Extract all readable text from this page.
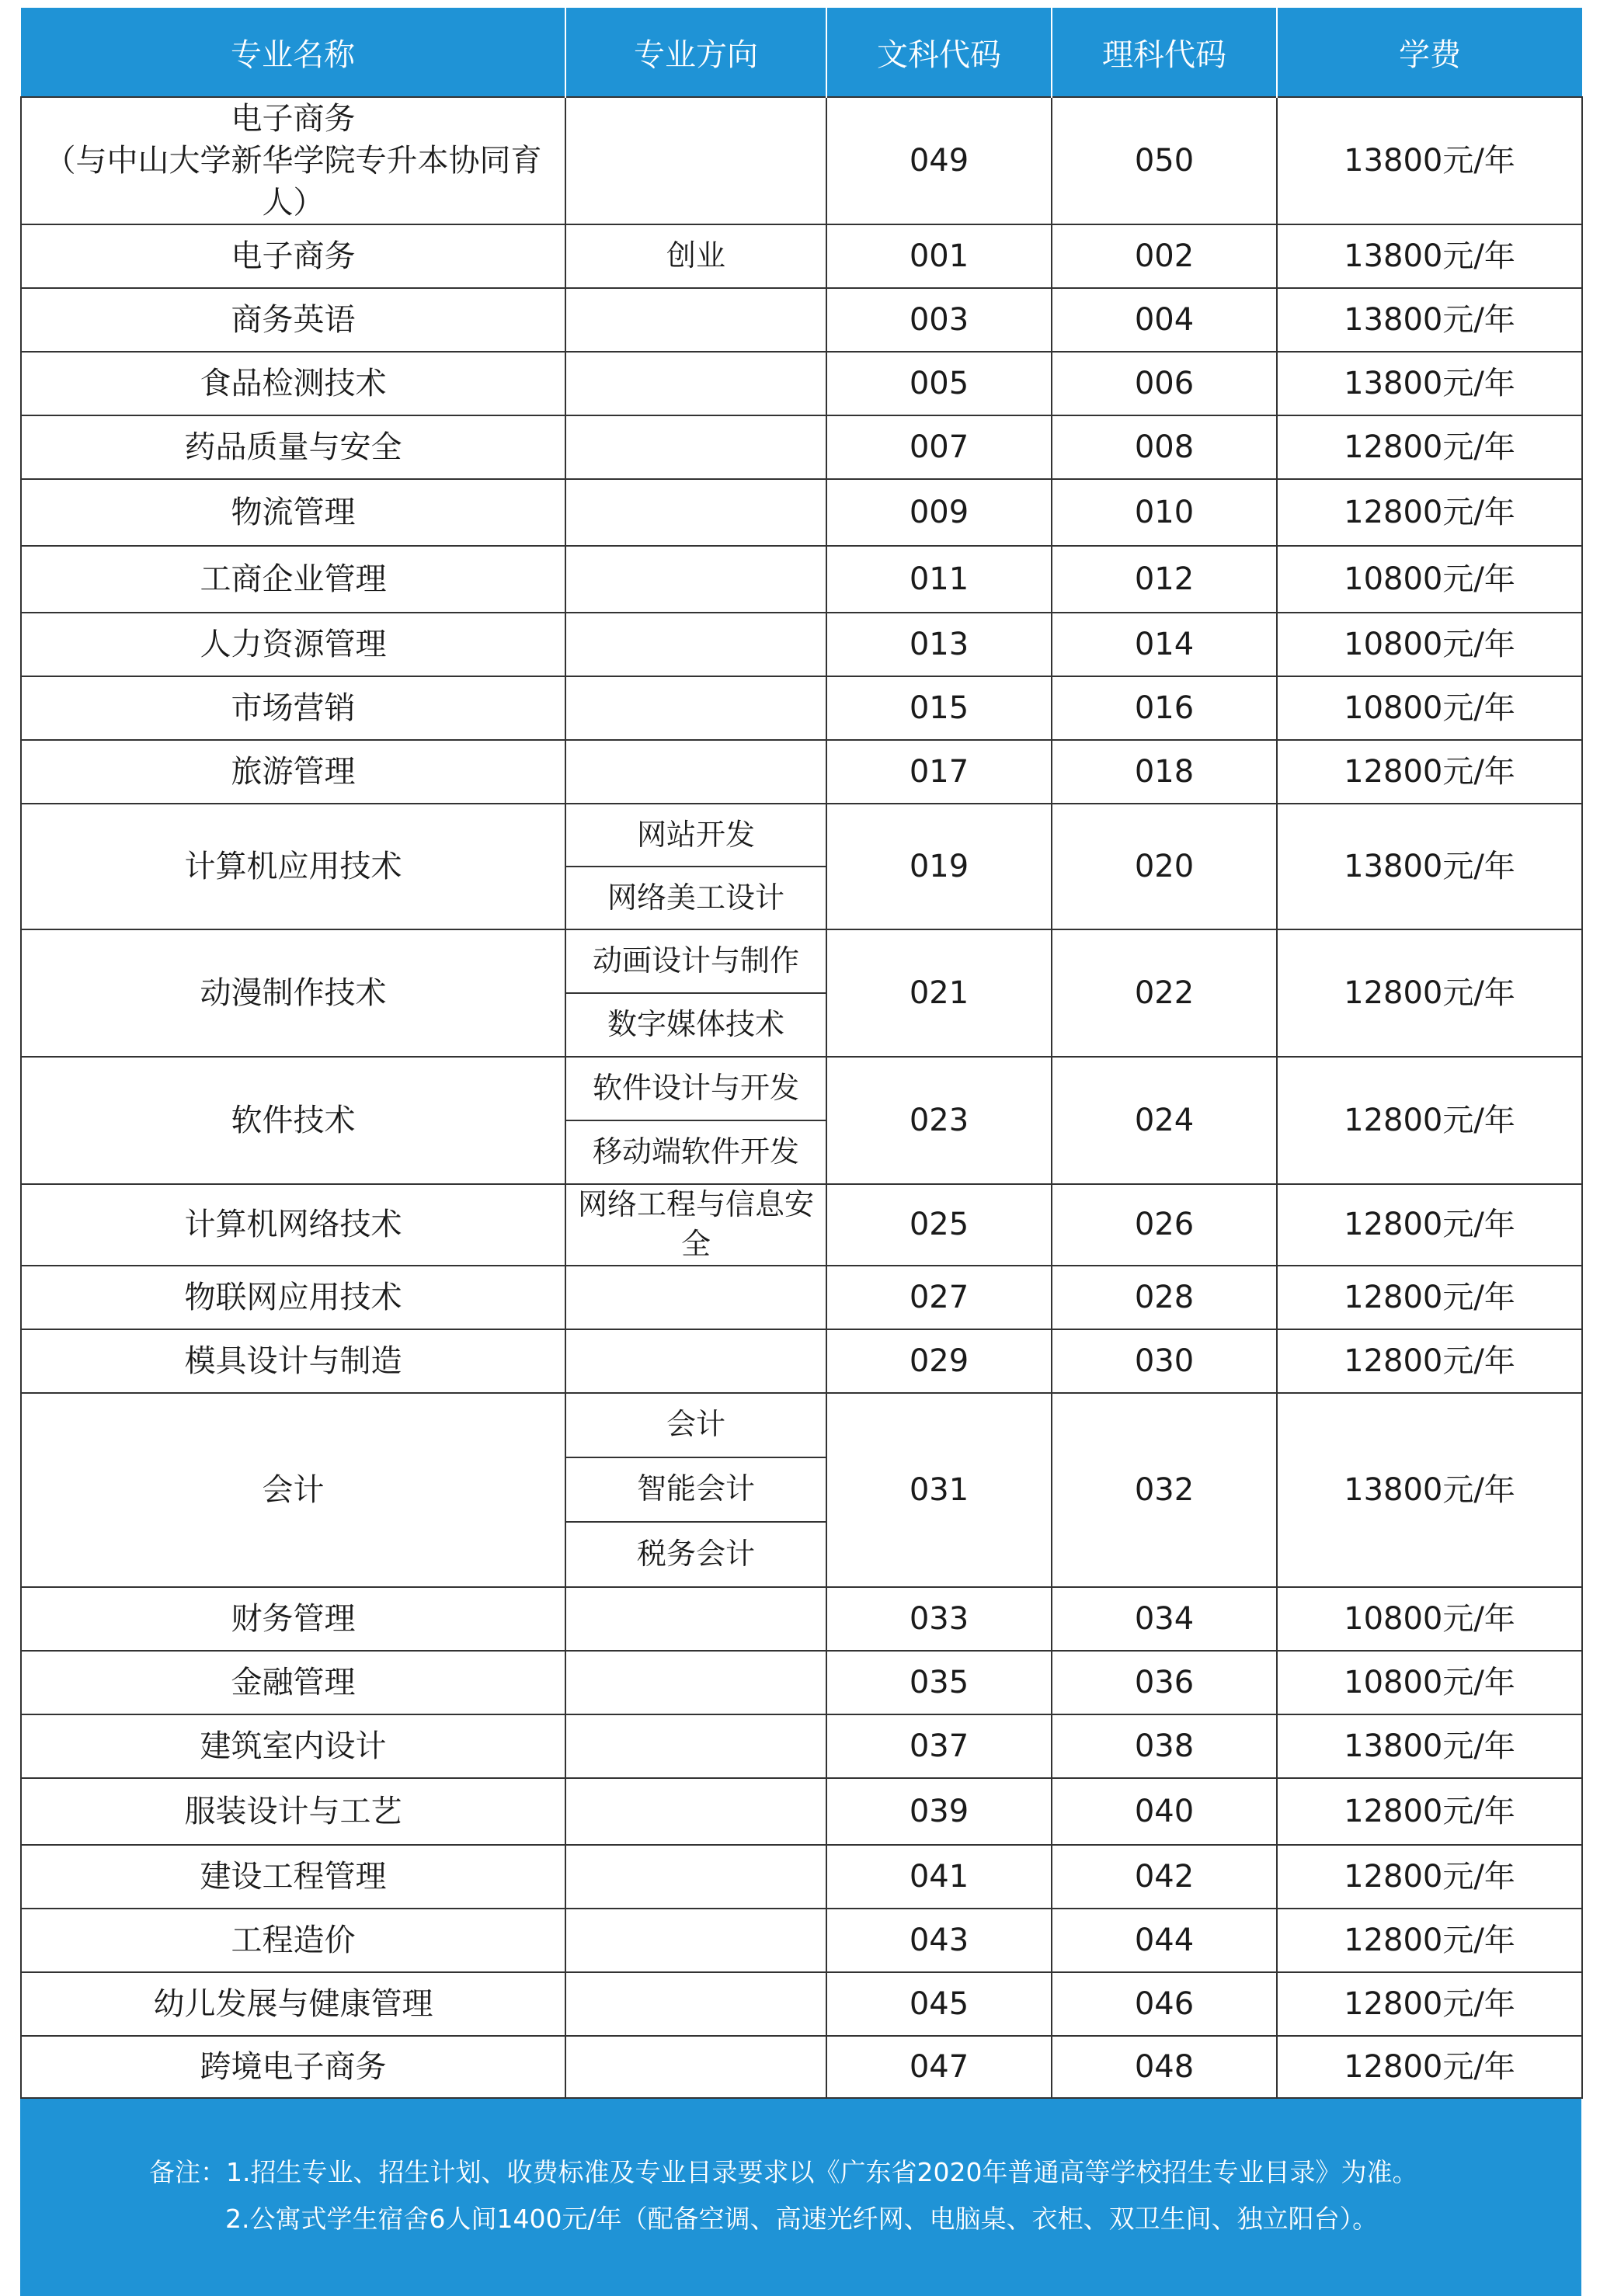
专业名称	专业方向	文科代码	理科代码	学费

电子商务
（与中山大学新华学院专升本协同育人）		049	050	13800元/年

电子商务	创业	001	002	13800元/年

商务英语		003	004	13800元/年

食品检测技术		005	006	13800元/年

药品质量与安全		007	008	12800元/年

物流管理		009	010	12800元/年

工商企业管理		011	012	10800元/年

人力资源管理		013	014	10800元/年

市场营销		015	016	10800元/年

旅游管理		017	018	12800元/年

计算机应用技术	网站开发	019	020	13800元/年
	网络美工设计			

动漫制作技术	动画设计与制作	021	022	12800元/年
	数字媒体技术			

软件技术	软件设计与开发	023	024	12800元/年
	移动端软件开发			

计算机网络技术	网络工程与信息安全	025	026	12800元/年

物联网应用技术		027	028	12800元/年

模具设计与制造		029	030	12800元/年

会计	会计	031	032	13800元/年
	智能会计			
	税务会计			

财务管理		033	034	10800元/年

金融管理		035	036	10800元/年

建筑室内设计		037	038	13800元/年

服装设计与工艺		039	040	12800元/年

建设工程管理		041	042	12800元/年

工程造价		043	044	12800元/年

幼儿发展与健康管理		045	046	12800元/年

跨境电子商务		047	048	12800元/年
备注：1.招生专业、招生计划、收费标准及专业目录要求以《广东省2020年普通高等学校招生专业目录》为准。
2.公寓式学生宿舍6人间1400元/年（配备空调、高速光纤网、电脑桌、衣柜、双卫生间、独立阳台）。
